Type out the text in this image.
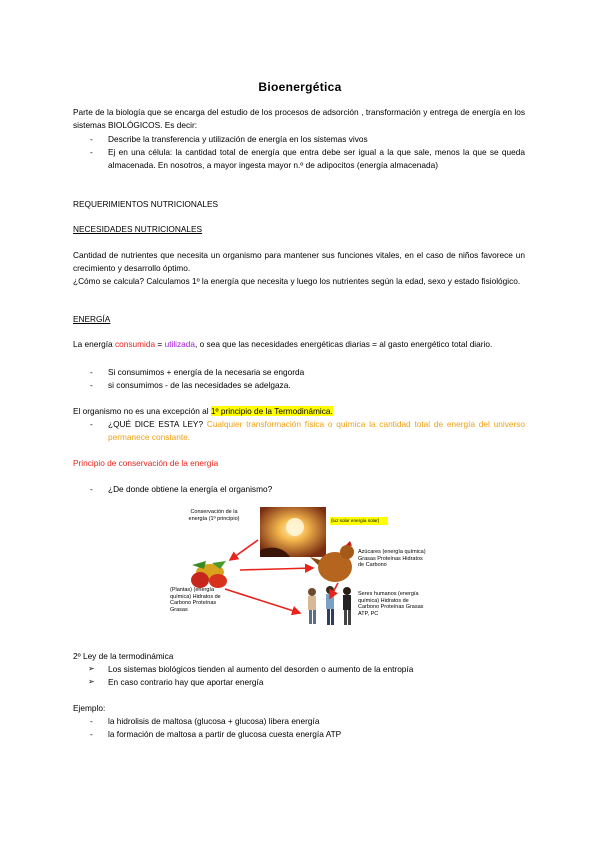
Bioenergética
Parte de la biología que se encarga del estudio de los procesos de adsorción , transformación y entrega de energía en los sistemas BIOLÓGICOS. Es decir:
- Describe la transferencia y utilización de energía en los sistemas vivos
- Ej en una célula: la cantidad total de energía que entra debe ser igual a la que sale, menos la que se queda almacenada. En nosotros, a mayor ingesta mayor n.º de adipocitos (energía almacenada)
REQUERIMIENTOS NUTRICIONALES
NECESIDADES NUTRICIONALES
Cantidad de nutrientes que necesita un organismo para mantener sus funciones vitales, en el caso de niños favorece un crecimiento y desarrollo óptimo.
¿Cómo se calcula? Calculamos 1º la energía que necesita y luego los nutrientes según la edad, sexo y estado fisiológico.
ENERGÍA
La energía consumida = utilizada, o sea que las necesidades energéticas diarias = al gasto energético total diario.
- Si consumimos + energía de la necesaria se engorda
- si consumimos - de las necesidades se adelgaza.
El organismo no es una excepción al 1º principio de la Termodinámica.
- ¿QUÉ DICE ESTA LEY? Cualquier transformación física o química la cantidad total de energía del universo permanece constante.
Principio de conservación de la energía
- ¿De donde obtiene la energía el organismo?
Conservación de la energía (1º principio)	(luz solar energía solar)
Azúcares (energía química) Grasas Proteínas Hidratos de Carbono
(Plantas) (energía química) Hidratos de Carbono Proteínas Grasas
Seres humanos (energía química) Hidratos de Carbono Proteínas Grasas ATP, PC
2º Ley de la termodinámica
➢ Los sistemas biológicos tienden al aumento del desorden o aumento de la entropía
➢ En caso contrario hay que aportar energía
Ejemplo:
- la hidrolisis de maltosa (glucosa + glucosa) libera energía
- la formación de maltosa a partir de glucosa cuesta energía ATP
